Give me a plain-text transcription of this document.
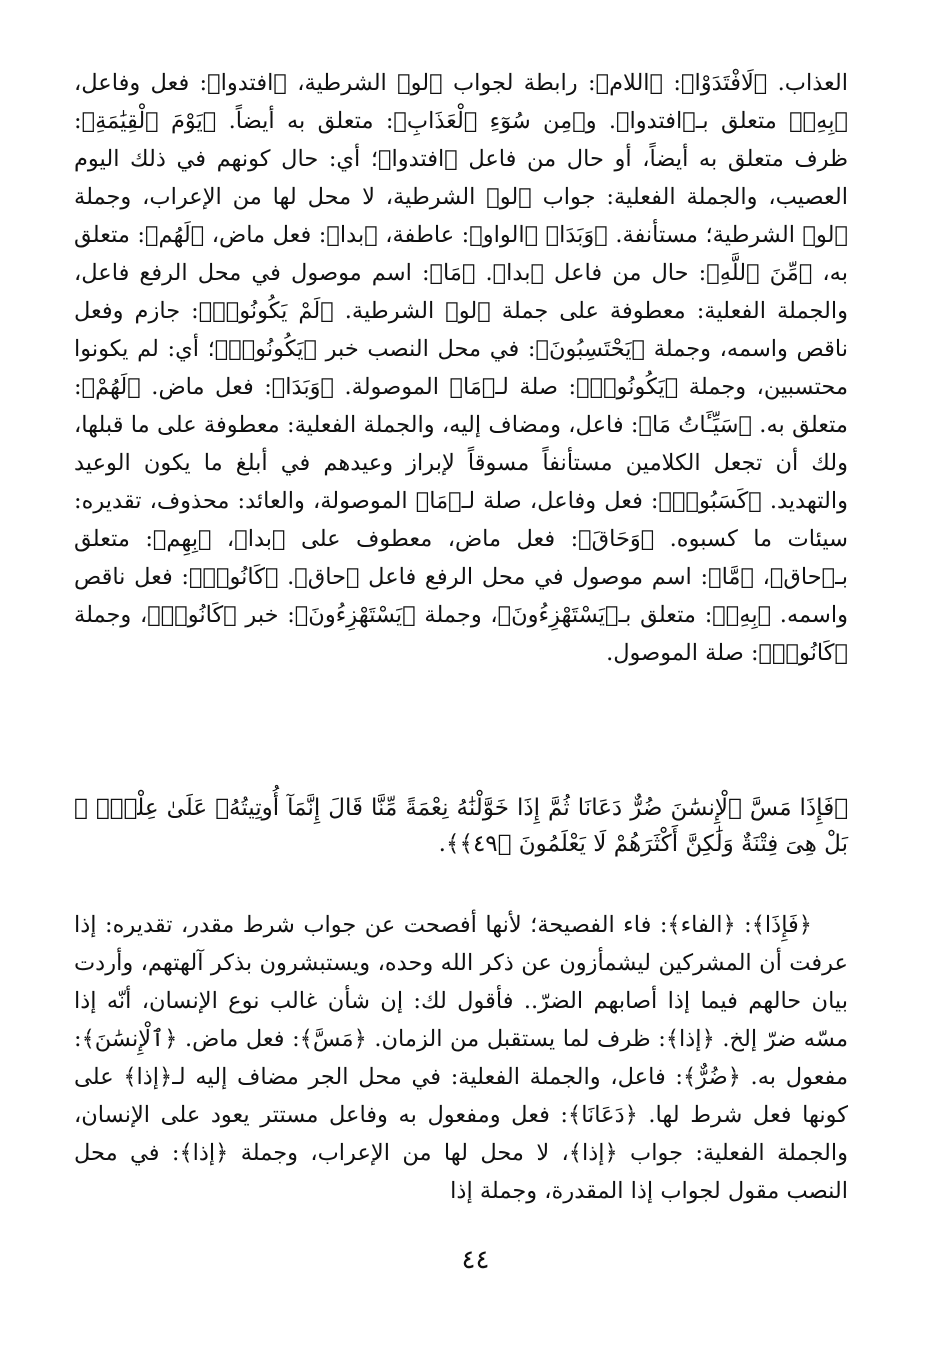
العذاب. ﴿لَافْتَدَوْا﴾: ﴿اللام﴾: رابطة لجواب ﴿لو﴾ الشرطية، ﴿افتدوا﴾: فعل وفاعل، ﴿بِهِۦ﴾ متعلق بـ﴿افتدوا﴾. و﴿مِن سُوٓءِ ٱلْعَذَابِ﴾: متعلق به أيضاً. ﴿يَوْمَ ٱلْقِيَٰمَةِ﴾: ظرف متعلق به أيضاً، أو حال من فاعل ﴿افتدوا﴾؛ أي: حال كونهم في ذلك اليوم العصيب، والجملة الفعلية: جواب ﴿لو﴾ الشرطية، لا محل لها من الإعراب، وجملة ﴿لو﴾ الشرطية؛ مستأنفة. ﴿وَبَدَا﴾ ﴿الواو﴾: عاطفة، ﴿بدا﴾: فعل ماض، ﴿لَهُم﴾: متعلق به، ﴿مِّنَ ٱللَّهِ﴾: حال من فاعل ﴿بدا﴾. ﴿مَا﴾: اسم موصول في محل الرفع فاعل، والجملة الفعلية: معطوفة على جملة ﴿لو﴾ الشرطية. ﴿لَمْ يَكُونُوا۟﴾: جازم وفعل ناقص واسمه، وجملة ﴿يَحْتَسِبُونَ﴾: في محل النصب خبر ﴿يَكُونُوا۟﴾؛ أي: لم يكونوا محتسبين، وجملة ﴿يَكُونُوا۟﴾: صلة لـ﴿مَا﴾ الموصولة. ﴿وَبَدَا﴾: فعل ماض. ﴿لَهُمْ﴾: متعلق به. ﴿سَيِّـَٔاتُ مَا﴾: فاعل، ومضاف إليه، والجملة الفعلية: معطوفة على ما قبلها، ولك أن تجعل الكلامين مستأنفاً مسوقاً لإبراز وعيدهم في أبلغ ما يكون الوعيد والتهديد. ﴿كَسَبُوا۟﴾: فعل وفاعل، صلة لـ﴿مَا﴾ الموصولة، والعائد: محذوف، تقديره: سيئات ما كسبوه. ﴿وَحَاقَ﴾: فعل ماض، معطوف على ﴿بدا﴾، ﴿بِهِم﴾: متعلق بـ﴿حاق﴾، ﴿مَّا﴾: اسم موصول في محل الرفع فاعل ﴿حاق﴾. ﴿كَانُوا۟﴾: فعل ناقص واسمه. ﴿بِهِۦ﴾: متعلق بـ﴿يَسْتَهْزِءُونَ﴾، وجملة ﴿يَسْتَهْزِءُونَ﴾: خبر ﴿كَانُوا۟﴾، وجملة ﴿كَانُوا۟﴾: صلة الموصول.

﴿فَإِذَا مَسَّ ٱلْإِنسَٰنَ ضُرٌّ دَعَانَا ثُمَّ إِذَا خَوَّلْنَٰهُ نِعْمَةً مِّنَّا قَالَ إِنَّمَآ أُوتِيتُهُۥ عَلَىٰ عِلْمٍۭ ۚ بَلْ هِىَ فِتْنَةٌ وَلَٰكِنَّ أَكْثَرَهُمْ لَا يَعْلَمُونَ ﴿٤٩﴾﴾.

﴿فَإِذَا﴾: ﴿الفاء﴾: فاء الفصيحة؛ لأنها أفصحت عن جواب شرط مقدر، تقديره: إذا عرفت أن المشركين ليشمأزون عن ذكر الله وحده، ويستبشرون بذكر آلهتهم، وأردت بيان حالهم فيما إذا أصابهم الضرّ.. فأقول لك: إن شأن غالب نوع الإنسان، أنّه إذا مسّه ضرّ إلخ. ﴿إذا﴾: ظرف لما يستقبل من الزمان. ﴿مَسَّ﴾: فعل ماض. ﴿ٱلْإِنسَٰنَ﴾: مفعول به. ﴿ضُرٌّ﴾: فاعل، والجملة الفعلية: في محل الجر مضاف إليه لـ﴿إذا﴾ على كونها فعل شرط لها. ﴿دَعَانَا﴾: فعل ومفعول به وفاعل مستتر يعود على الإنسان، والجملة الفعلية: جواب ﴿إذا﴾، لا محل لها من الإعراب، وجملة ﴿إذا﴾: في محل النصب مقول لجواب إذا المقدرة، وجملة إذا

٤٤
